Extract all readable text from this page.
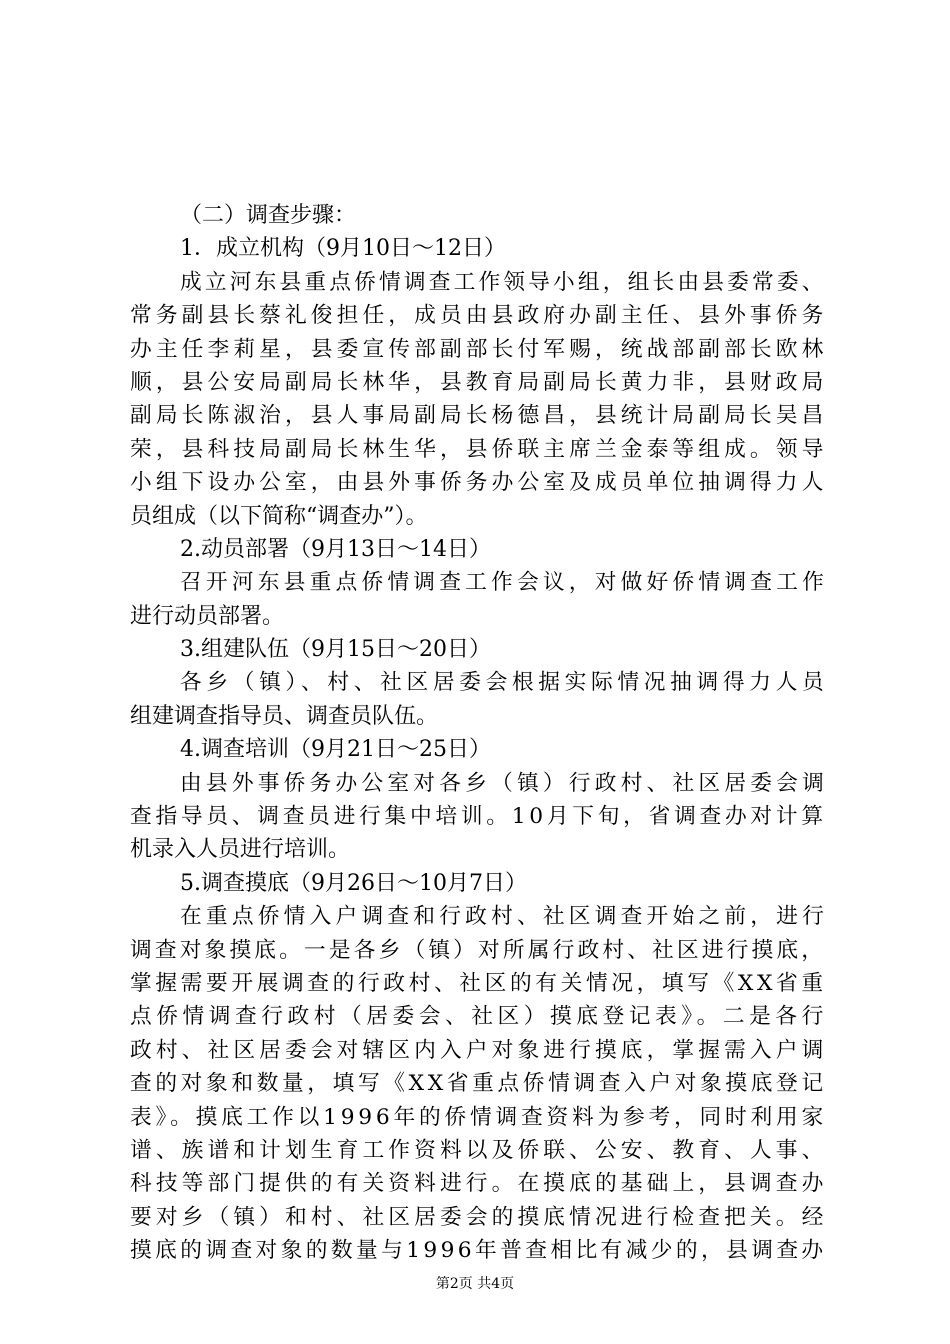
（二）调查步骤：
1．成立机构（9月10日～12日）
成立河东县重点侨情调查工作领导小组，组长由县委常委、
常务副县长蔡礼俊担任，成员由县政府办副主任、县外事侨务
办主任李莉星，县委宣传部副部长付军赐，统战部副部长欧林
顺，县公安局副局长林华，县教育局副局长黄力非，县财政局
副局长陈淑治，县人事局副局长杨德昌，县统计局副局长吴昌
荣，县科技局副局长林生华，县侨联主席兰金泰等组成。领导
小组下设办公室，由县外事侨务办公室及成员单位抽调得力人
员组成（以下简称“调查办”）。
2.动员部署（9月13日～14日）
召开河东县重点侨情调查工作会议，对做好侨情调查工作
进行动员部署。
3.组建队伍（9月15日～20日）
各乡（镇）、村、社区居委会根据实际情况抽调得力人员
组建调查指导员、调查员队伍。
4.调查培训（9月21日～25日）
由县外事侨务办公室对各乡（镇）行政村、社区居委会调
查指导员、调查员进行集中培训。10月下旬，省调查办对计算
机录入人员进行培训。
5.调查摸底（9月26日～10月7日）
在重点侨情入户调查和行政村、社区调查开始之前，进行
调查对象摸底。一是各乡（镇）对所属行政村、社区进行摸底，
掌握需要开展调查的行政村、社区的有关情况，填写《XX省重
点侨情调查行政村（居委会、社区）摸底登记表》。二是各行
政村、社区居委会对辖区内入户对象进行摸底，掌握需入户调
查的对象和数量，填写《XX省重点侨情调查入户对象摸底登记
表》。摸底工作以1996年的侨情调查资料为参考，同时利用家
谱、族谱和计划生育工作资料以及侨联、公安、教育、人事、
科技等部门提供的有关资料进行。在摸底的基础上，县调查办
要对乡（镇）和村、社区居委会的摸底情况进行检查把关。经
摸底的调查对象的数量与1996年普查相比有减少的，县调查办
第2页 共4页
